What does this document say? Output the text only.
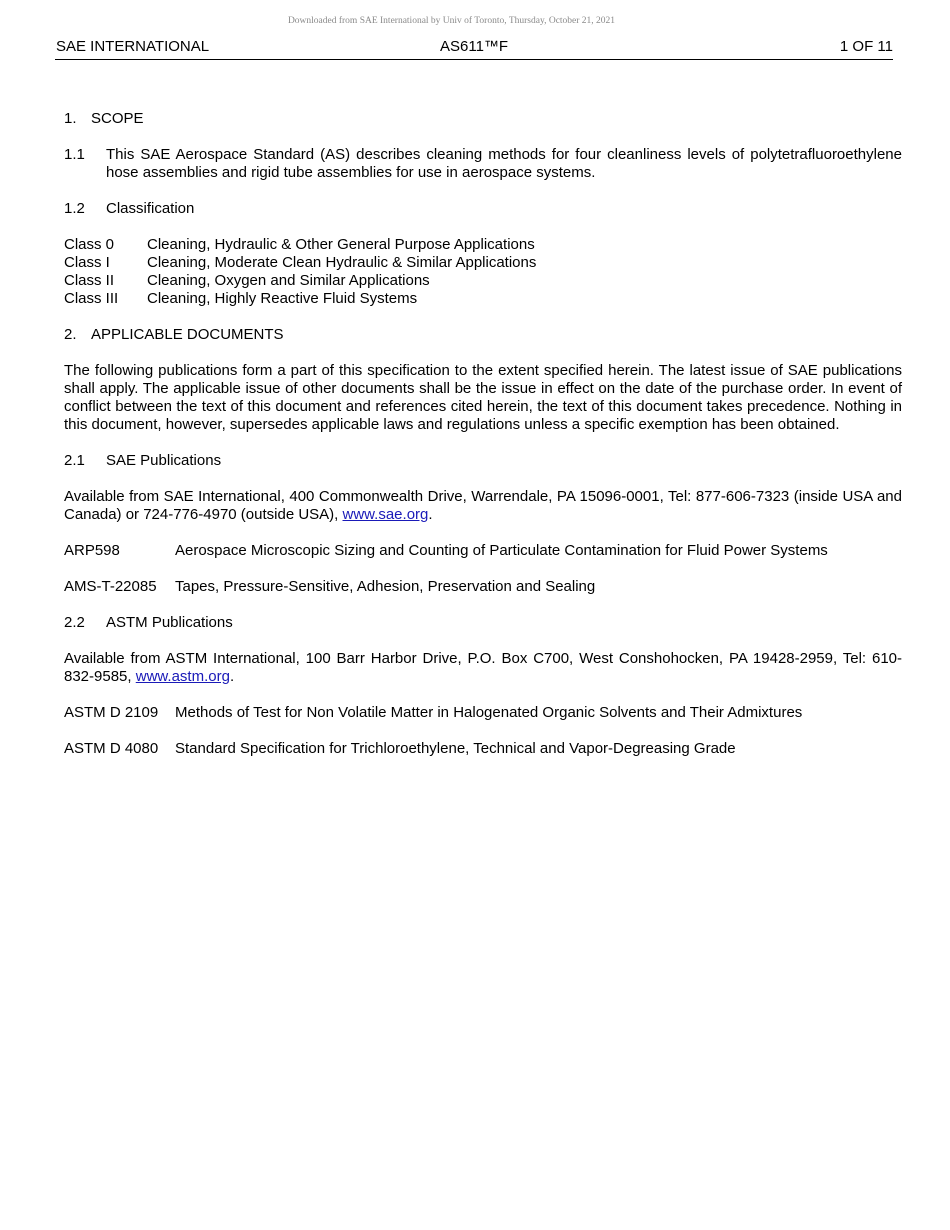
Downloaded from SAE International by Univ of Toronto, Thursday, October 21, 2021
SAE INTERNATIONAL	AS611™F	1 OF 11
1. SCOPE
1.1	This SAE Aerospace Standard (AS) describes cleaning methods for four cleanliness levels of polytetrafluoroethylene hose assemblies and rigid tube assemblies for use in aerospace systems.
1.2 Classification
Class 0	Cleaning, Hydraulic & Other General Purpose Applications
Class I	Cleaning, Moderate Clean Hydraulic & Similar Applications
Class II	Cleaning, Oxygen and Similar Applications
Class III	Cleaning, Highly Reactive Fluid Systems
2. APPLICABLE DOCUMENTS
The following publications form a part of this specification to the extent specified herein. The latest issue of SAE publications shall apply. The applicable issue of other documents shall be the issue in effect on the date of the purchase order. In event of conflict between the text of this document and references cited herein, the text of this document takes precedence. Nothing in this document, however, supersedes applicable laws and regulations unless a specific exemption has been obtained.
2.1 SAE Publications
Available from SAE International, 400 Commonwealth Drive, Warrendale, PA 15096-0001, Tel: 877-606-7323 (inside USA and Canada) or 724-776-4970 (outside USA), www.sae.org.
ARP598	Aerospace Microscopic Sizing and Counting of Particulate Contamination for Fluid Power Systems
AMS-T-22085	Tapes, Pressure-Sensitive, Adhesion, Preservation and Sealing
2.2 ASTM Publications
Available from ASTM International, 100 Barr Harbor Drive, P.O. Box C700, West Conshohocken, PA 19428-2959, Tel: 610-832-9585, www.astm.org.
ASTM D 2109	Methods of Test for Non Volatile Matter in Halogenated Organic Solvents and Their Admixtures
ASTM D 4080	Standard Specification for Trichloroethylene, Technical and Vapor-Degreasing Grade
